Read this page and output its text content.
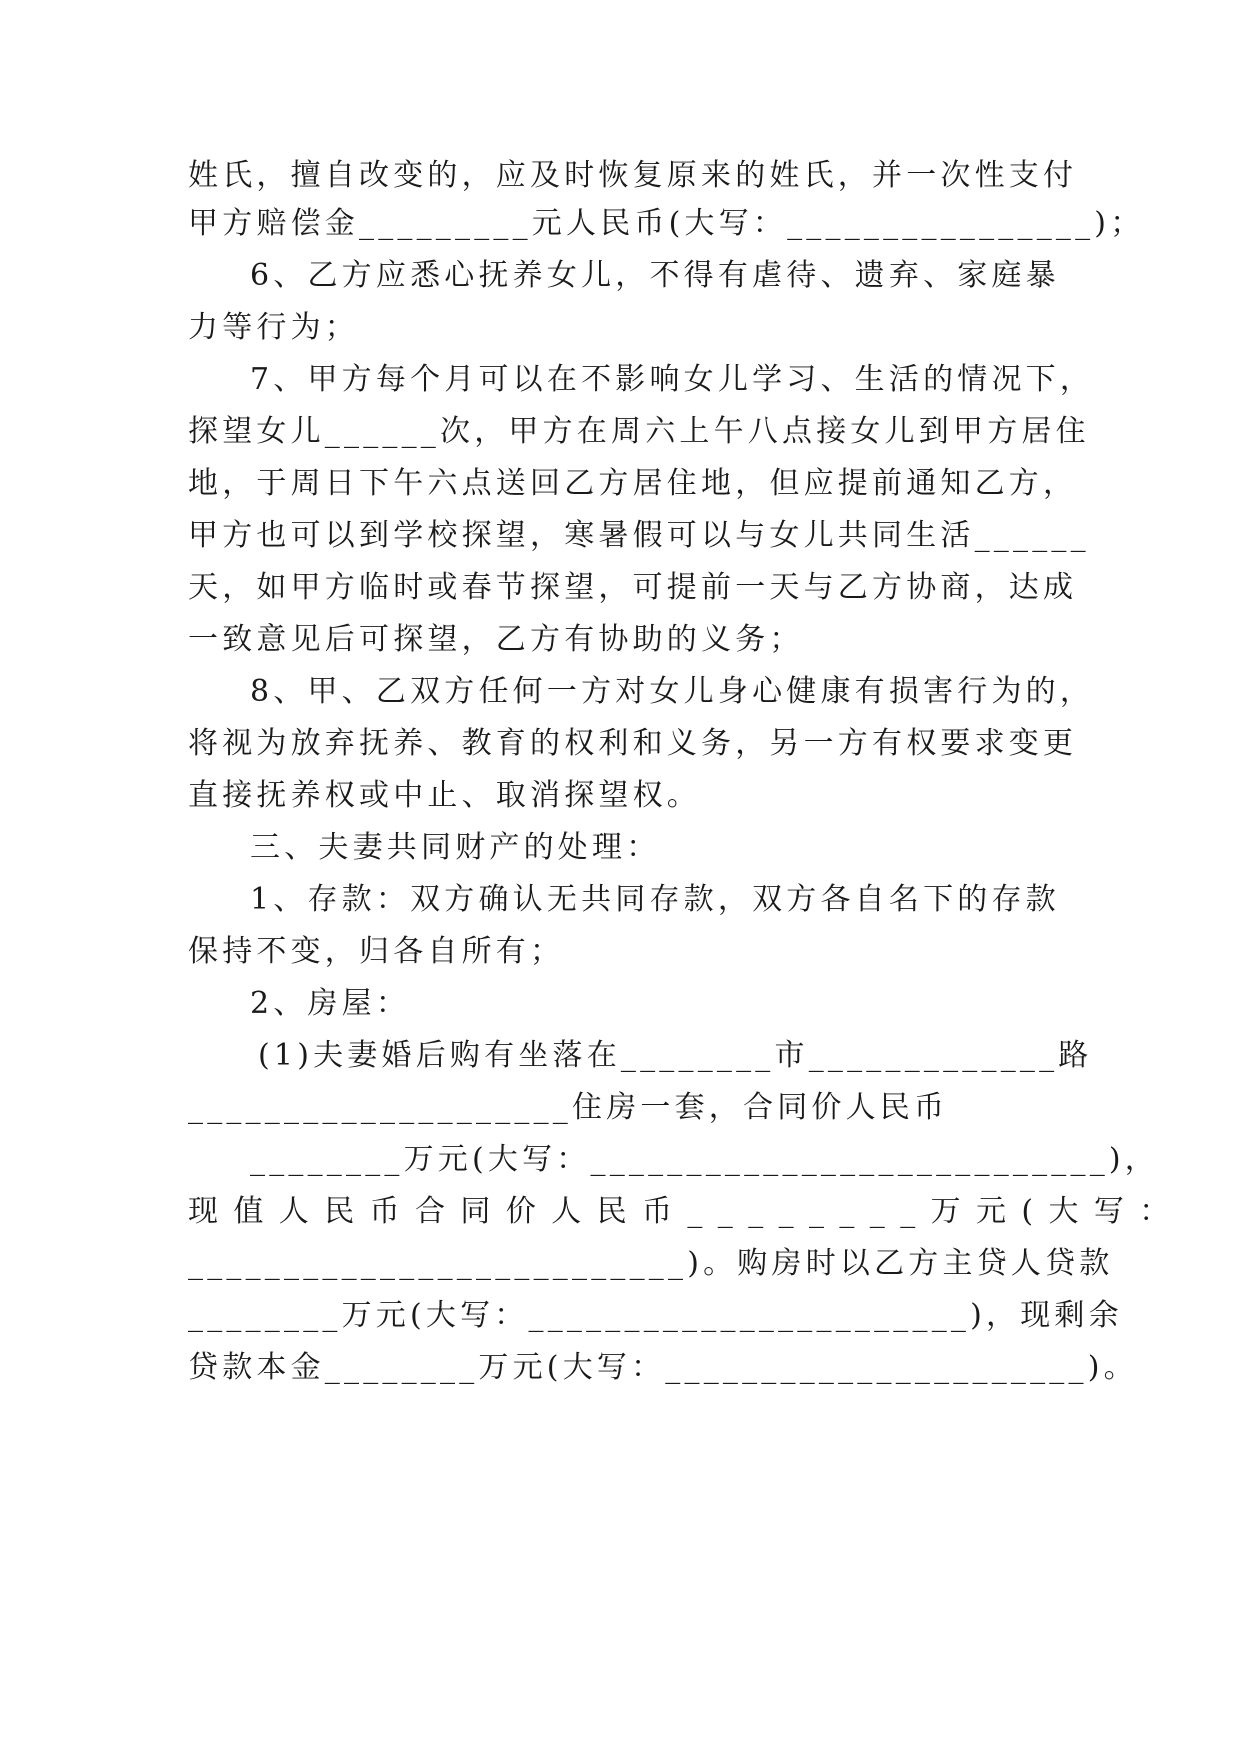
姓氏，擅自改变的，应及时恢复原来的姓氏，并一次性支付
甲方赔偿金_________元人民币(大写：________________)；
6、乙方应悉心抚养女儿，不得有虐待、遗弃、家庭暴
力等行为；
7、甲方每个月可以在不影响女儿学习、生活的情况下，
探望女儿______次，甲方在周六上午八点接女儿到甲方居住
地，于周日下午六点送回乙方居住地，但应提前通知乙方，
甲方也可以到学校探望，寒暑假可以与女儿共同生活______
天，如甲方临时或春节探望，可提前一天与乙方协商，达成
一致意见后可探望，乙方有协助的义务；
8、甲、乙双方任何一方对女儿身心健康有损害行为的，
将视为放弃抚养、教育的权利和义务，另一方有权要求变更
直接抚养权或中止、取消探望权。
三、夫妻共同财产的处理：
1、存款：双方确认无共同存款，双方各自名下的存款
保持不变，归各自所有；
2、房屋：
(1)夫妻婚后购有坐落在________市_____________路
____________________住房一套，合同价人民币
________万元(大写：___________________________)，
现值人民币合同价人民币________万元(大写：
__________________________)。购房时以乙方主贷人贷款
________万元(大写：_______________________)，现剩余
贷款本金________万元(大写：______________________)。
